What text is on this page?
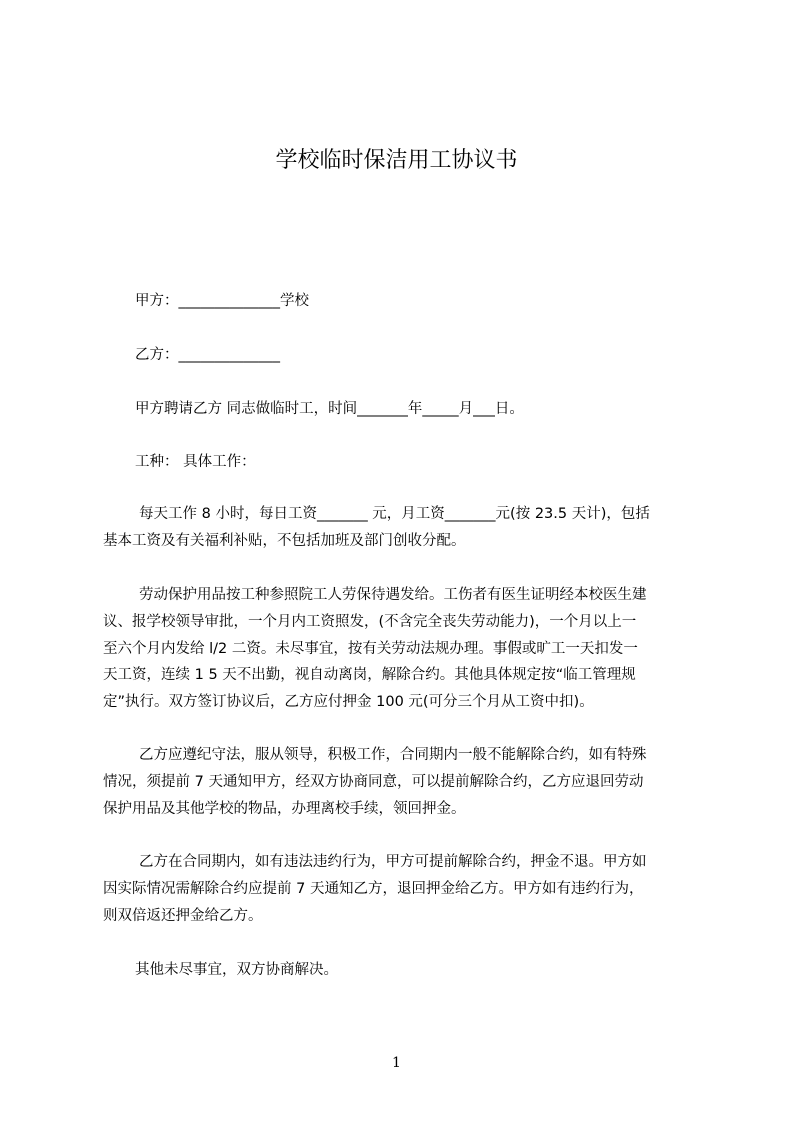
学校临时保洁用工协议书
甲方：______________学校
乙方：______________
甲方聘请乙方 同志做临时工，时间_______年_____月___日。
工种： 具体工作：
每天工作 8 小时，每日工资_______ 元，月工资_______元(按 23.5 天计)，包括
基本工资及有关福利补贴，不包括加班及部门创收分配。
劳动保护用品按工种参照院工人劳保待遇发给。工伤者有医生证明经本校医生建
议、报学校领导审批，一个月内工资照发，(不含完全丧失劳动能力)，一个月以上一
至六个月内发给 l/2 二资。未尽事宜，按有关劳动法规办理。事假或旷工一天扣发一
天工资，连续 1 5 天不出勤，视自动离岗，解除合约。其他具体规定按“临工管理规
定”执行。双方签订协议后，乙方应付押金 100 元(可分三个月从工资中扣)。
乙方应遵纪守法，服从领导，积极工作，合同期内一般不能解除合约，如有特殊
情况，须提前 7 天通知甲方，经双方协商同意，可以提前解除合约，乙方应退回劳动
保护用品及其他学校的物品，办理离校手续，领回押金。
乙方在合同期内，如有违法违约行为，甲方可提前解除合约，押金不退。甲方如
因实际情况需解除合约应提前 7 天通知乙方，退回押金给乙方。甲方如有违约行为，
则双倍返还押金给乙方。
其他未尽事宜，双方协商解决。
1
